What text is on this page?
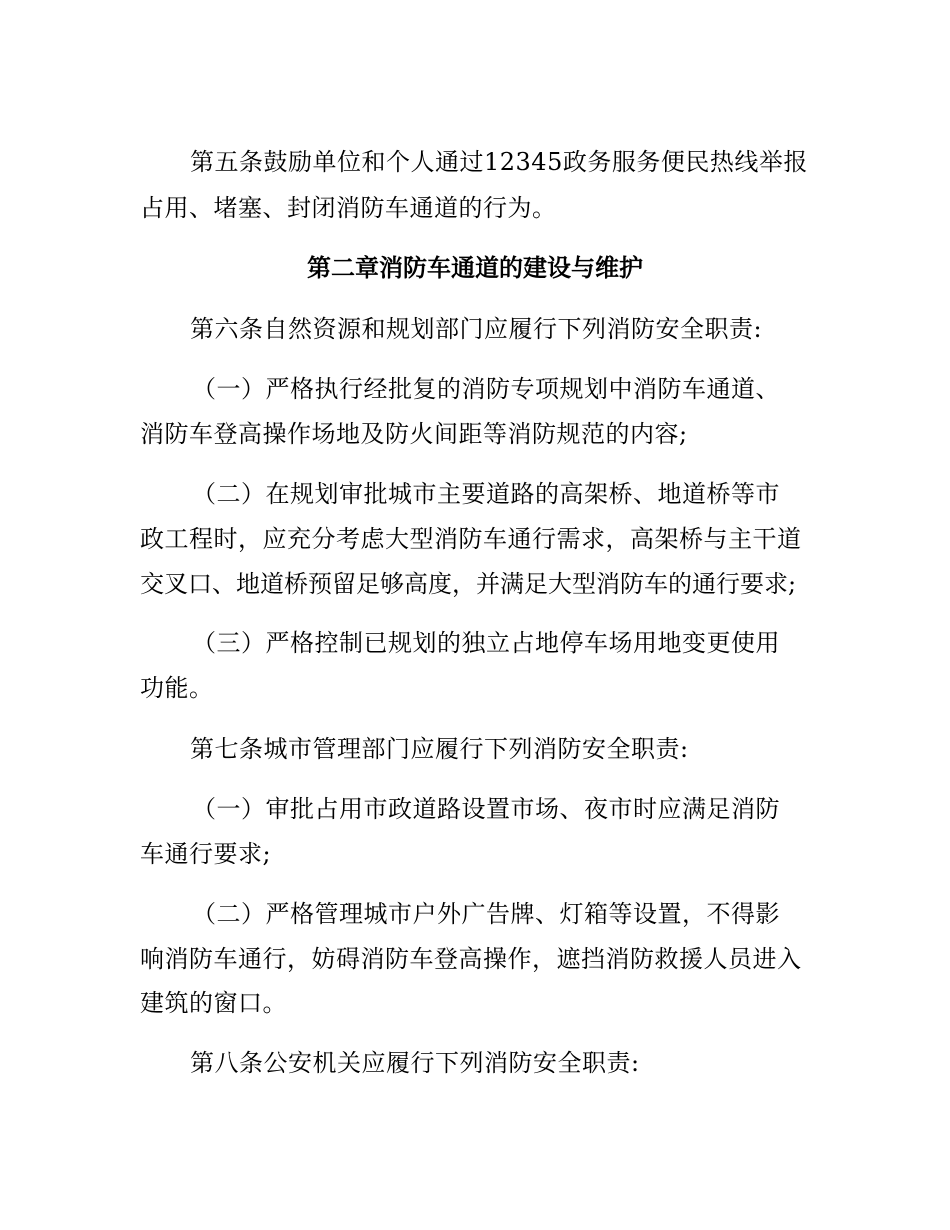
第五条鼓励单位和个人通过12345政务服务便民热线举报
占用、堵塞、封闭消防车通道的行为。
第二章消防车通道的建设与维护
第六条自然资源和规划部门应履行下列消防安全职责:
（一）严格执行经批复的消防专项规划中消防车通道、
消防车登高操作场地及防火间距等消防规范的内容;
（二）在规划审批城市主要道路的高架桥、地道桥等市
政工程时，应充分考虑大型消防车通行需求，高架桥与主干道
交叉口、地道桥预留足够高度，并满足大型消防车的通行要求;
（三）严格控制已规划的独立占地停车场用地变更使用
功能。
第七条城市管理部门应履行下列消防安全职责:
（一）审批占用市政道路设置市场、夜市时应满足消防
车通行要求;
（二）严格管理城市户外广告牌、灯箱等设置，不得影
响消防车通行，妨碍消防车登高操作，遮挡消防救援人员进入
建筑的窗口。
第八条公安机关应履行下列消防安全职责:
